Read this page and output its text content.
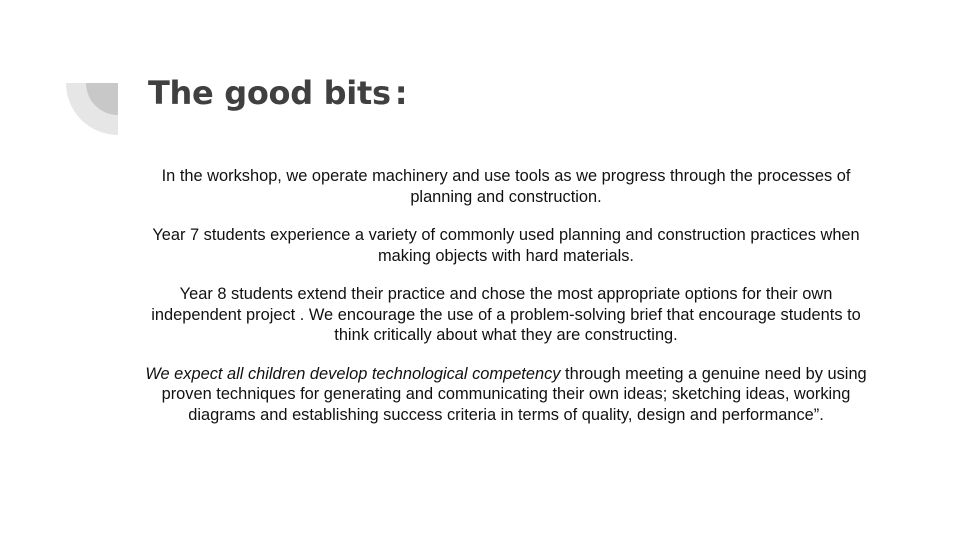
The good bits :

In the workshop, we operate machinery and use tools as we progress through the processes of planning and construction.

Year 7 students experience a variety of commonly used planning and construction practices when making objects with hard materials.

Year 8 students extend their practice and chose the most appropriate options for their own independent project . We encourage the use of a problem-solving brief that encourage students to think critically about what they are constructing.

We expect all children develop technological competency through meeting a genuine need by using proven techniques for generating and communicating their own ideas; sketching ideas, working diagrams and establishing success criteria in terms of quality, design and performance”.
